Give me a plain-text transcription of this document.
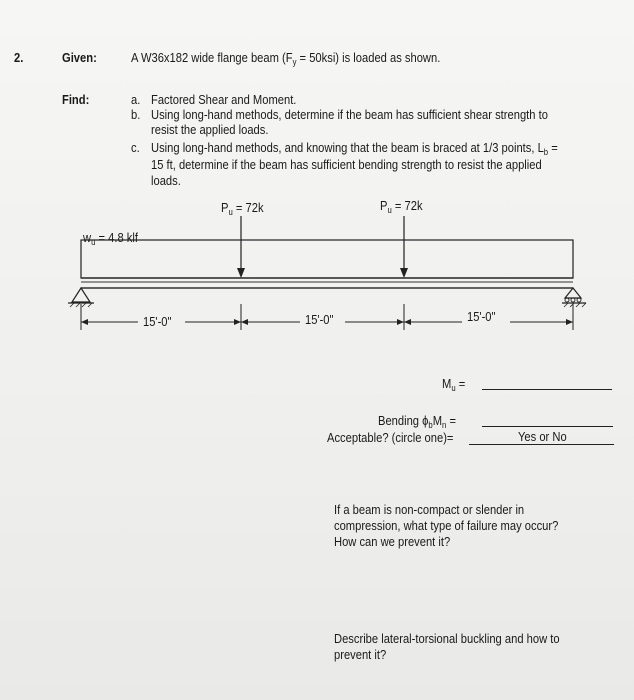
2.	Given:	A W36x182 wide flange beam $(F_y = 50ksi)$ is loaded as shown.
Find:	a. Factored Shear and Moment.
b. Using long-hand methods, determine if the beam has sufficient shear strength to
resist the applied loads.
c. Using long-hand methods, and knowing that the beam is braced at 1/3 points, $L_b$ =
15 ft, determine if the beam has sufficient bending strength to resist the applied
loads.
$P_u = 72k$	$P_u = 72k$
$w_u = 4.8$ klf
15'-0"	15'-0"	15'-0"
$M_u$ =
Bending $\phi_bM_n$ =
Acceptable? (circle one)=	Yes or No
If a beam is non-compact or slender in
compression, what type of failure may occur?
How can we prevent it?
Describe lateral-torsional buckling and how to
prevent it?
